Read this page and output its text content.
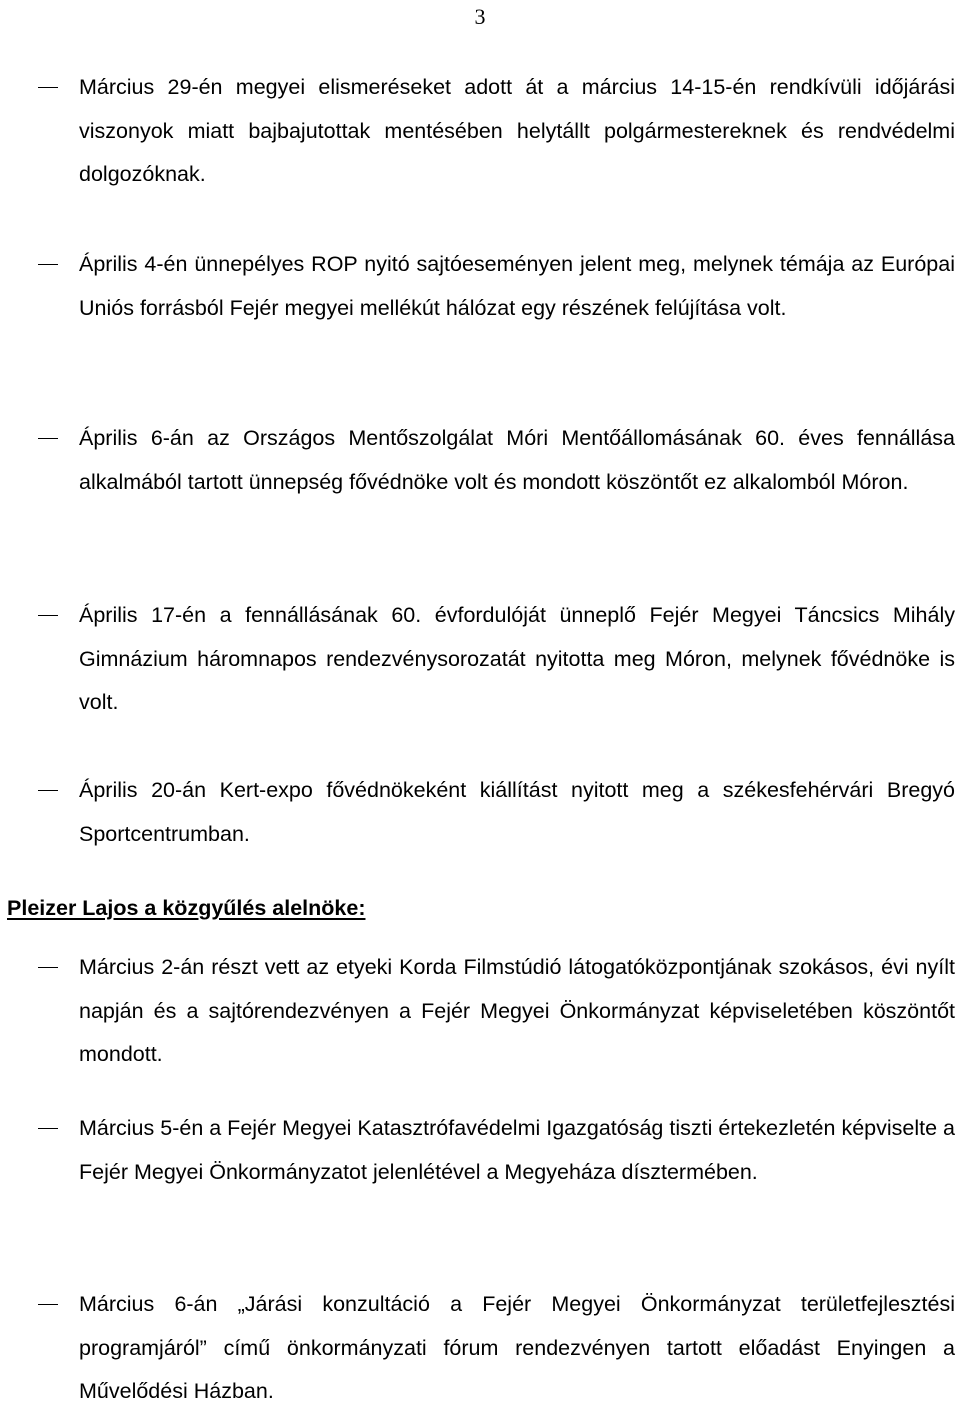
3

Március 29-én megyei elismeréseket adott át a március 14-15-én rendkívüli időjárási viszonyok miatt bajbajutottak mentésében helytállt polgármestereknek és rendvédelmi dolgozóknak.

Április 4-én ünnepélyes ROP nyitó sajtóeseményen jelent meg, melynek témája az Európai Uniós forrásból Fejér megyei mellékút hálózat egy részének felújítása volt.

Április 6-án az Országos Mentőszolgálat Móri Mentőállomásának 60. éves fennállása alkalmából tartott ünnepség fővédnöke volt és mondott köszöntőt ez alkalomból Móron.

Április 17-én a fennállásának 60. évfordulóját ünneplő Fejér Megyei Táncsics Mihály Gimnázium háromnapos rendezvénysorozatát nyitotta meg Móron, melynek fővédnöke is volt.

Április 20-án Kert-expo fővédnökeként kiállítást nyitott meg a székesfehérvári Bregyó Sportcentrumban.

Pleizer Lajos a közgyűlés alelnöke:

Március 2-án részt vett az etyeki Korda Filmstúdió látogatóközpontjának szokásos, évi nyílt napján és a sajtórendezvényen a Fejér Megyei Önkormányzat képviseletében köszöntőt mondott.

Március 5-én a Fejér Megyei Katasztrófavédelmi Igazgatóság tiszti értekezletén képviselte a Fejér Megyei Önkormányzatot jelenlétével a Megyeháza dísztermében.

Március 6-án „Járási konzultáció a Fejér Megyei Önkormányzat területfejlesztési programjáról” című önkormányzati fórum rendezvényen tartott előadást Enyingen a Művelődési Házban.
